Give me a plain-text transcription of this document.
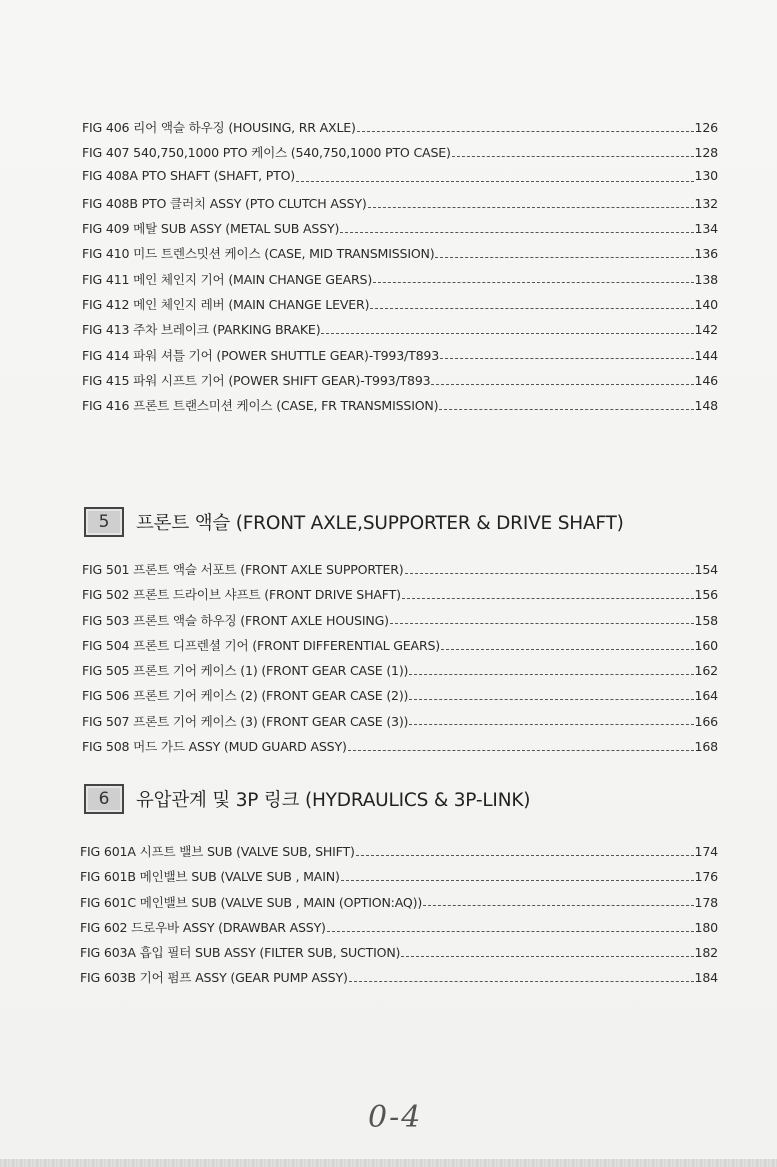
FIG 406 리어 액슬 하우징 (HOUSING, RR AXLE)	126
FIG 407 540,750,1000 PTO 케이스 (540,750,1000 PTO CASE)	128
FIG 408A PTO SHAFT (SHAFT, PTO)	130
FIG 408B PTO 클러치 ASSY (PTO CLUTCH ASSY)	132
FIG 409 메탈 SUB ASSY (METAL SUB ASSY)	134
FIG 410 미드 트렌스밋션 케이스 (CASE, MID TRANSMISSION)	136
FIG 411 메인 체인지 기어 (MAIN CHANGE GEARS)	138
FIG 412 메인 체인지 레버 (MAIN CHANGE LEVER)	140
FIG 413 주차 브레이크 (PARKING BRAKE)	142
FIG 414 파워 셔틀 기어 (POWER SHUTTLE GEAR)-T993/T893	144
FIG 415 파워 시프트 기어 (POWER SHIFT GEAR)-T993/T893	146
FIG 416 프론트 트랜스미션 케이스 (CASE, FR TRANSMISSION)	148
5	프론트 액슬 (FRONT AXLE,SUPPORTER & DRIVE SHAFT)
FIG 501 프론트 액슬 서포트 (FRONT AXLE SUPPORTER)	154
FIG 502 프론트 드라이브 샤프트 (FRONT DRIVE SHAFT)	156
FIG 503 프론트 액슬 하우징 (FRONT AXLE HOUSING)	158
FIG 504 프론트 디프렌셜 기어 (FRONT DIFFERENTIAL GEARS)	160
FIG 505 프론트 기어 케이스 (1) (FRONT GEAR CASE (1))	162
FIG 506 프론트 기어 케이스 (2) (FRONT GEAR CASE (2))	164
FIG 507 프론트 기어 케이스 (3) (FRONT GEAR CASE (3))	166
FIG 508 머드 가드 ASSY (MUD GUARD ASSY)	168
6	유압관계 및 3P 링크 (HYDRAULICS & 3P-LINK)
FIG 601A 시프트 밸브 SUB (VALVE SUB, SHIFT)	174
FIG 601B 메인밸브 SUB (VALVE SUB , MAIN)	176
FIG 601C 메인밸브 SUB (VALVE SUB , MAIN (OPTION:AQ))	178
FIG 602 드로우바 ASSY (DRAWBAR ASSY)	180
FIG 603A 흡입 필터 SUB ASSY (FILTER SUB, SUCTION)	182
FIG 603B 기어 펌프 ASSY (GEAR PUMP ASSY)	184
0-4
